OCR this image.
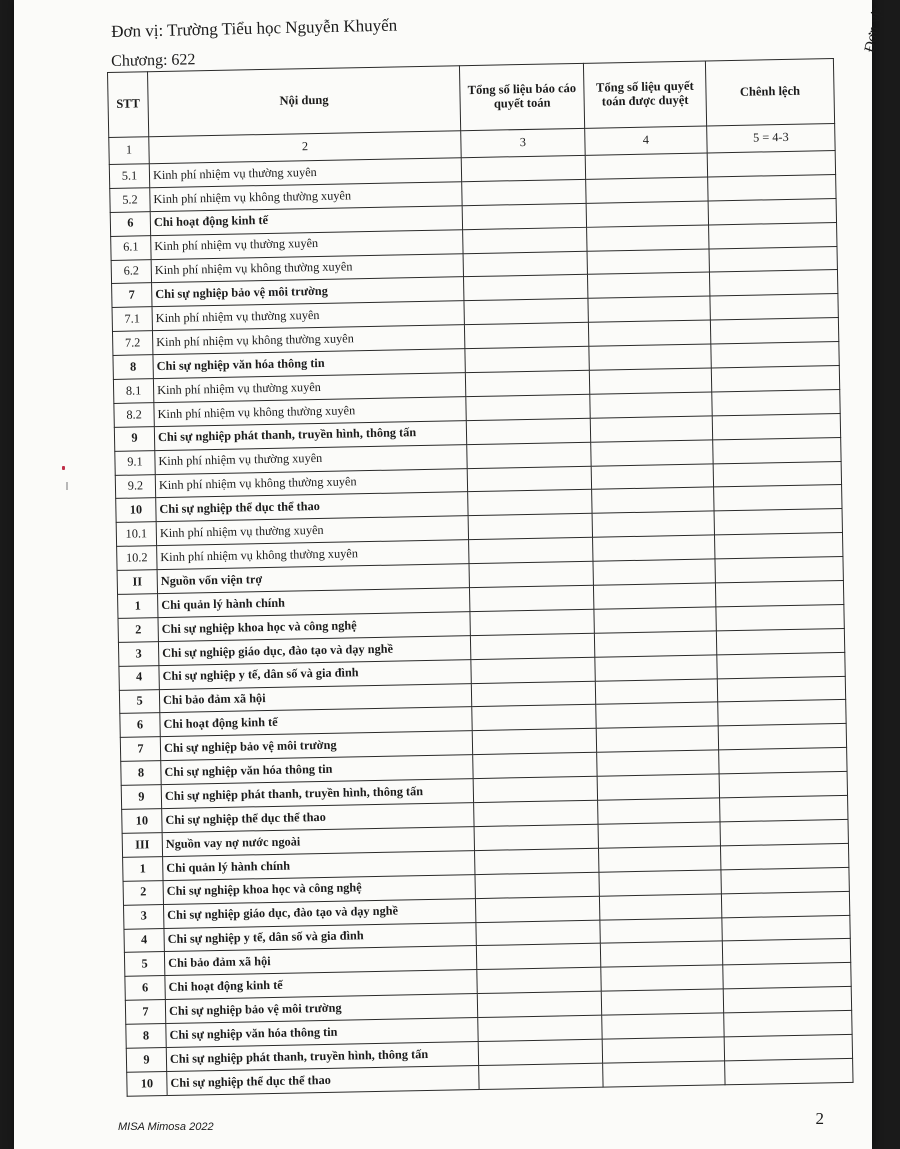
Đơn vị: Trường Tiểu học Nguyễn Khuyến
Chương: 622
Đơn vị:
STT	Nội dung	Tổng số liệu báo cáo quyết toán	Tổng số liệu quyết toán được duyệt	Chênh lệch
1	2	3	4	5 = 4-3
5.1	Kinh phí nhiệm vụ thường xuyên			
5.2	Kinh phí nhiệm vụ không thường xuyên			
6	Chi hoạt động kinh tế			
6.1	Kinh phí nhiệm vụ thường xuyên			
6.2	Kinh phí nhiệm vụ không thường xuyên			
7	Chi sự nghiệp bảo vệ môi trường			
7.1	Kinh phí nhiệm vụ thường xuyên			
7.2	Kinh phí nhiệm vụ không thường xuyên			
8	Chi sự nghiệp văn hóa thông tin			
8.1	Kinh phí nhiệm vụ thường xuyên			
8.2	Kinh phí nhiệm vụ không thường xuyên			
9	Chi sự nghiệp phát thanh, truyền hình, thông tấn			
9.1	Kinh phí nhiệm vụ thường xuyên			
9.2	Kinh phí nhiệm vụ không thường xuyên			
10	Chi sự nghiệp thể dục thể thao			
10.1	Kinh phí nhiệm vụ thường xuyên			
10.2	Kinh phí nhiệm vụ không thường xuyên			
II	Nguồn vốn viện trợ			
1	Chi quản lý hành chính			
2	Chi sự nghiệp khoa học và công nghệ			
3	Chi sự nghiệp giáo dục, đào tạo và dạy nghề			
4	Chi sự nghiệp y tế, dân số và gia đình			
5	Chi bảo đảm xã hội			
6	Chi hoạt động kinh tế			
7	Chi sự nghiệp bảo vệ môi trường			
8	Chi sự nghiệp văn hóa thông tin			
9	Chi sự nghiệp phát thanh, truyền hình, thông tấn			
10	Chi sự nghiệp thể dục thể thao			
III	Nguồn vay nợ nước ngoài			
1	Chi quản lý hành chính			
2	Chi sự nghiệp khoa học và công nghệ			
3	Chi sự nghiệp giáo dục, đào tạo và dạy nghề			
4	Chi sự nghiệp y tế, dân số và gia đình			
5	Chi bảo đảm xã hội			
6	Chi hoạt động kinh tế			
7	Chi sự nghiệp bảo vệ môi trường			
8	Chi sự nghiệp văn hóa thông tin			
9	Chi sự nghiệp phát thanh, truyền hình, thông tấn			
10	Chi sự nghiệp thể dục thể thao			
MISA Mimosa 2022	2
